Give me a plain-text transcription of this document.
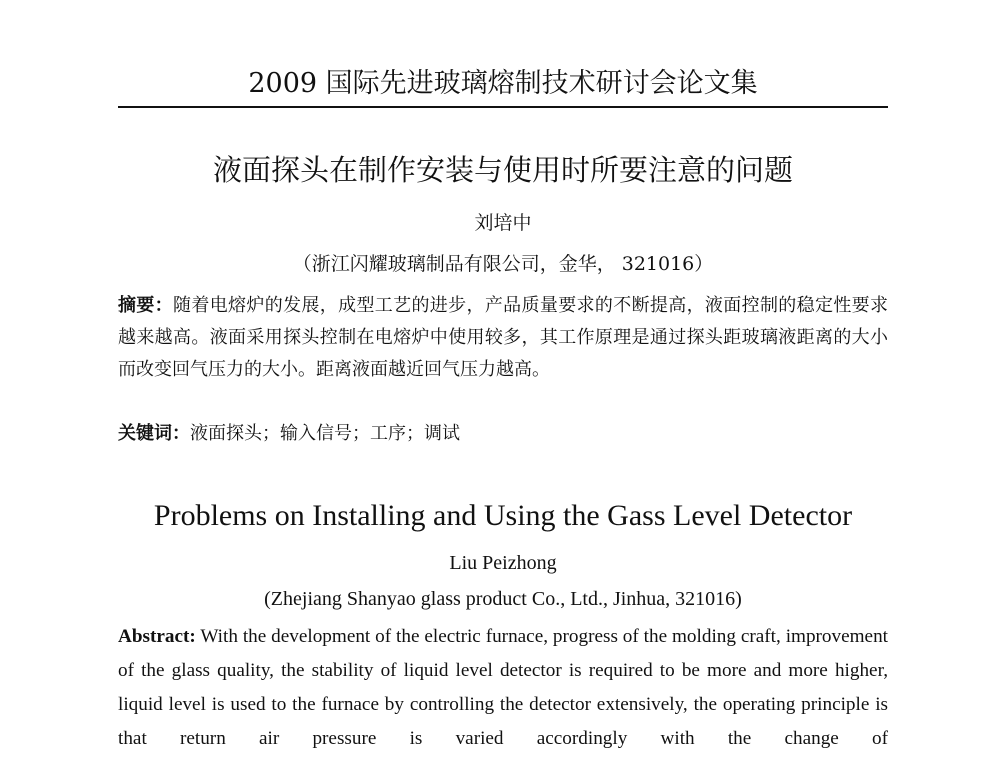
2009 国际先进玻璃熔制技术研讨会论文集
液面探头在制作安装与使用时所要注意的问题
刘培中
（浙江闪耀玻璃制品有限公司，金华， 321016）
摘要：随着电熔炉的发展，成型工艺的进步，产品质量要求的不断提高，液面控制的稳定性要求越来越高。液面采用探头控制在电熔炉中使用较多，其工作原理是通过探头距玻璃液距离的大小而改变回气压力的大小。距离液面越近回气压力越高。
关键词：液面探头；输入信号；工序；调试
Problems on Installing and Using the Gass Level Detector
Liu Peizhong
(Zhejiang Shanyao glass product Co., Ltd., Jinhua, 321016)
Abstract: With the development of the electric furnace, progress of the molding craft, improvement of the glass quality, the stability of liquid level detector is required to be more and more higher, liquid level is used to the furnace by controlling the detector extensively, the operating principle is that return air pressure is varied accordingly with the change of
